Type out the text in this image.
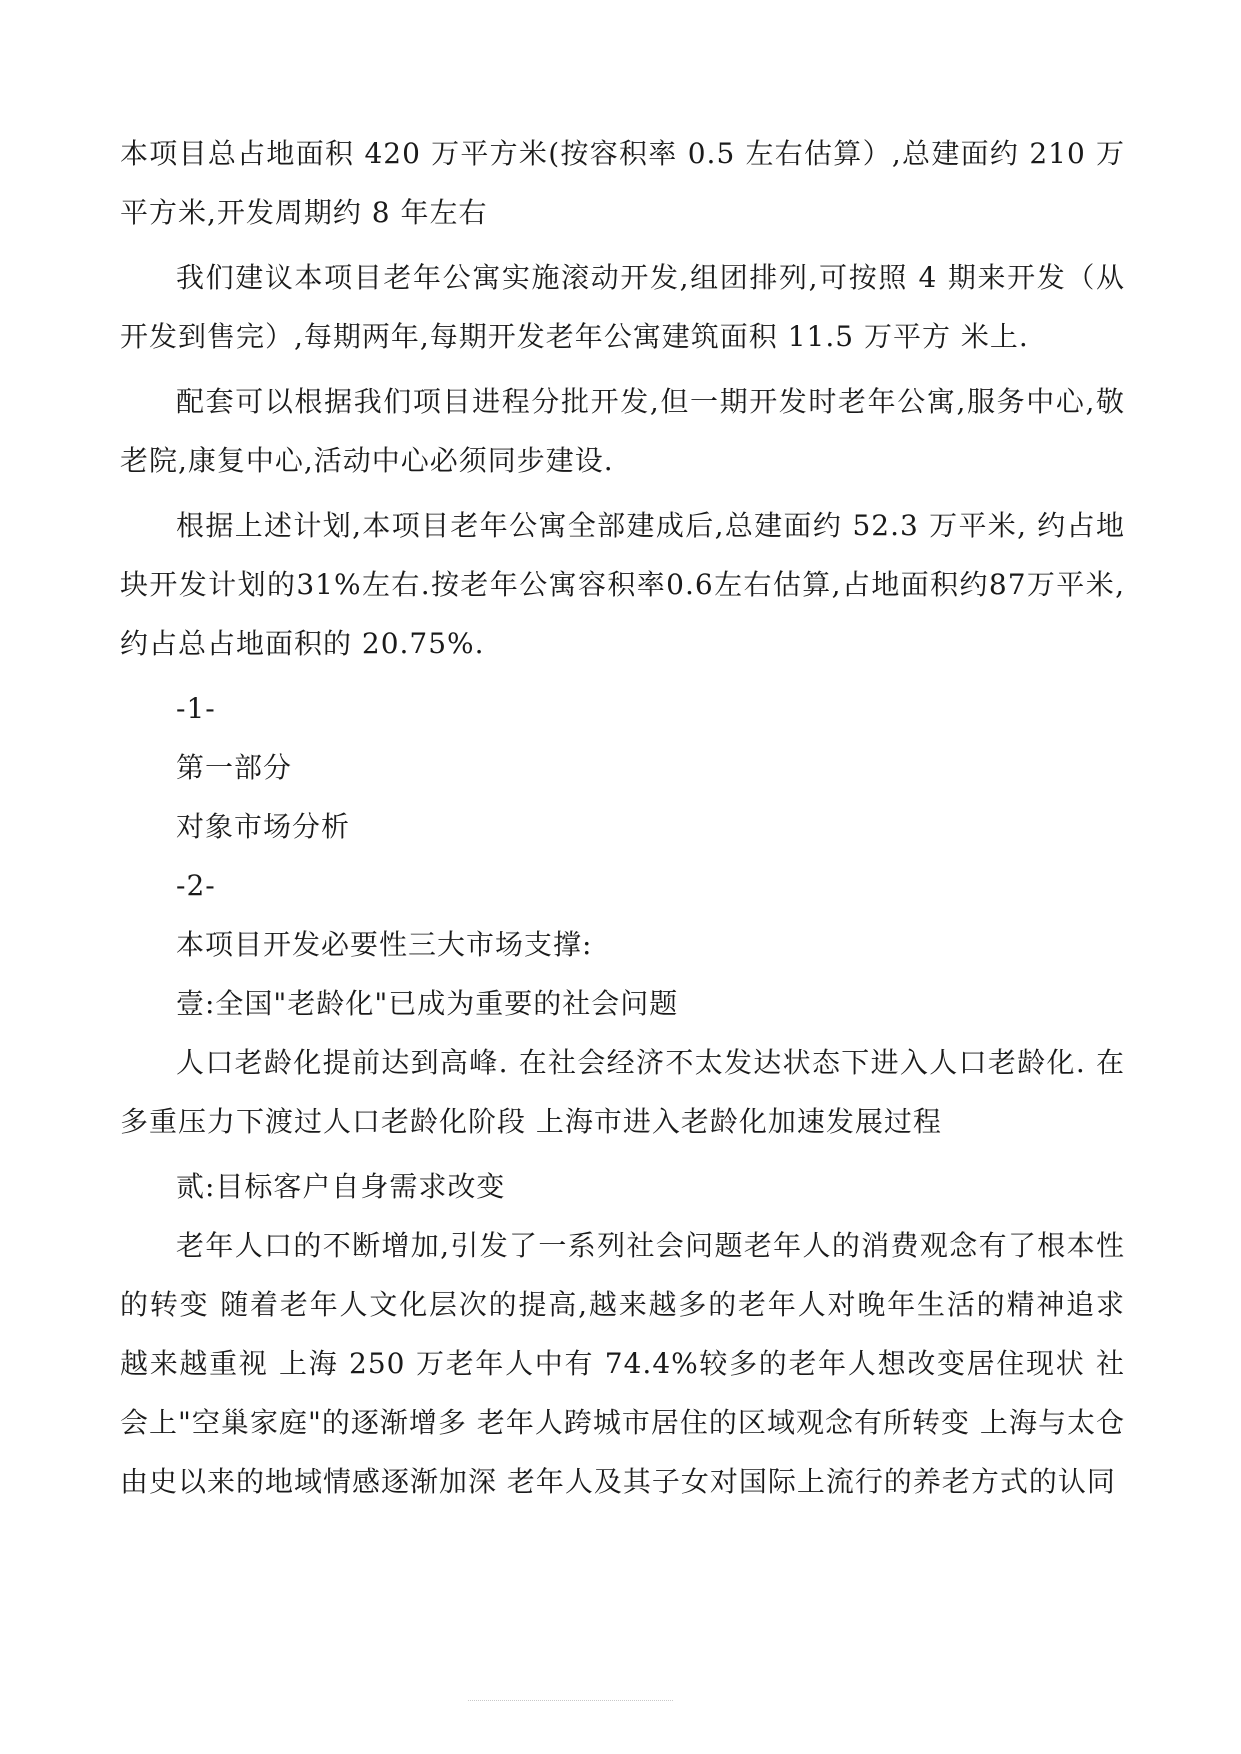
本项目总占地面积 420 万平方米(按容积率 0.5 左右估算）,总建面约 210 万平方米,开发周期约 8 年左右

我们建议本项目老年公寓实施滚动开发,组团排列,可按照 4 期来开发（从开发到售完）,每期两年,每期开发老年公寓建筑面积 11.5 万平方 米上.

配套可以根据我们项目进程分批开发,但一期开发时老年公寓,服务中心,敬老院,康复中心,活动中心必须同步建设.

根据上述计划,本项目老年公寓全部建成后,总建面约 52.3 万平米, 约占地块开发计划的31%左右.按老年公寓容积率0.6左右估算,占地面积约87万平米,约占总占地面积的 20.75%.

-1-

第一部分

对象市场分析

-2-

本项目开发必要性三大市场支撑:

壹:全国"老龄化"已成为重要的社会问题

人口老龄化提前达到高峰. 在社会经济不太发达状态下进入人口老龄化. 在多重压力下渡过人口老龄化阶段 上海市进入老龄化加速发展过程

贰:目标客户自身需求改变

老年人口的不断增加,引发了一系列社会问题老年人的消费观念有了根本性的转变 随着老年人文化层次的提高,越来越多的老年人对晚年生活的精神追求越来越重视 上海 250 万老年人中有 74.4%较多的老年人想改变居住现状 社会上"空巢家庭"的逐渐增多 老年人跨城市居住的区域观念有所转变 上海与太仓由史以来的地域情感逐渐加深 老年人及其子女对国际上流行的养老方式的认同
